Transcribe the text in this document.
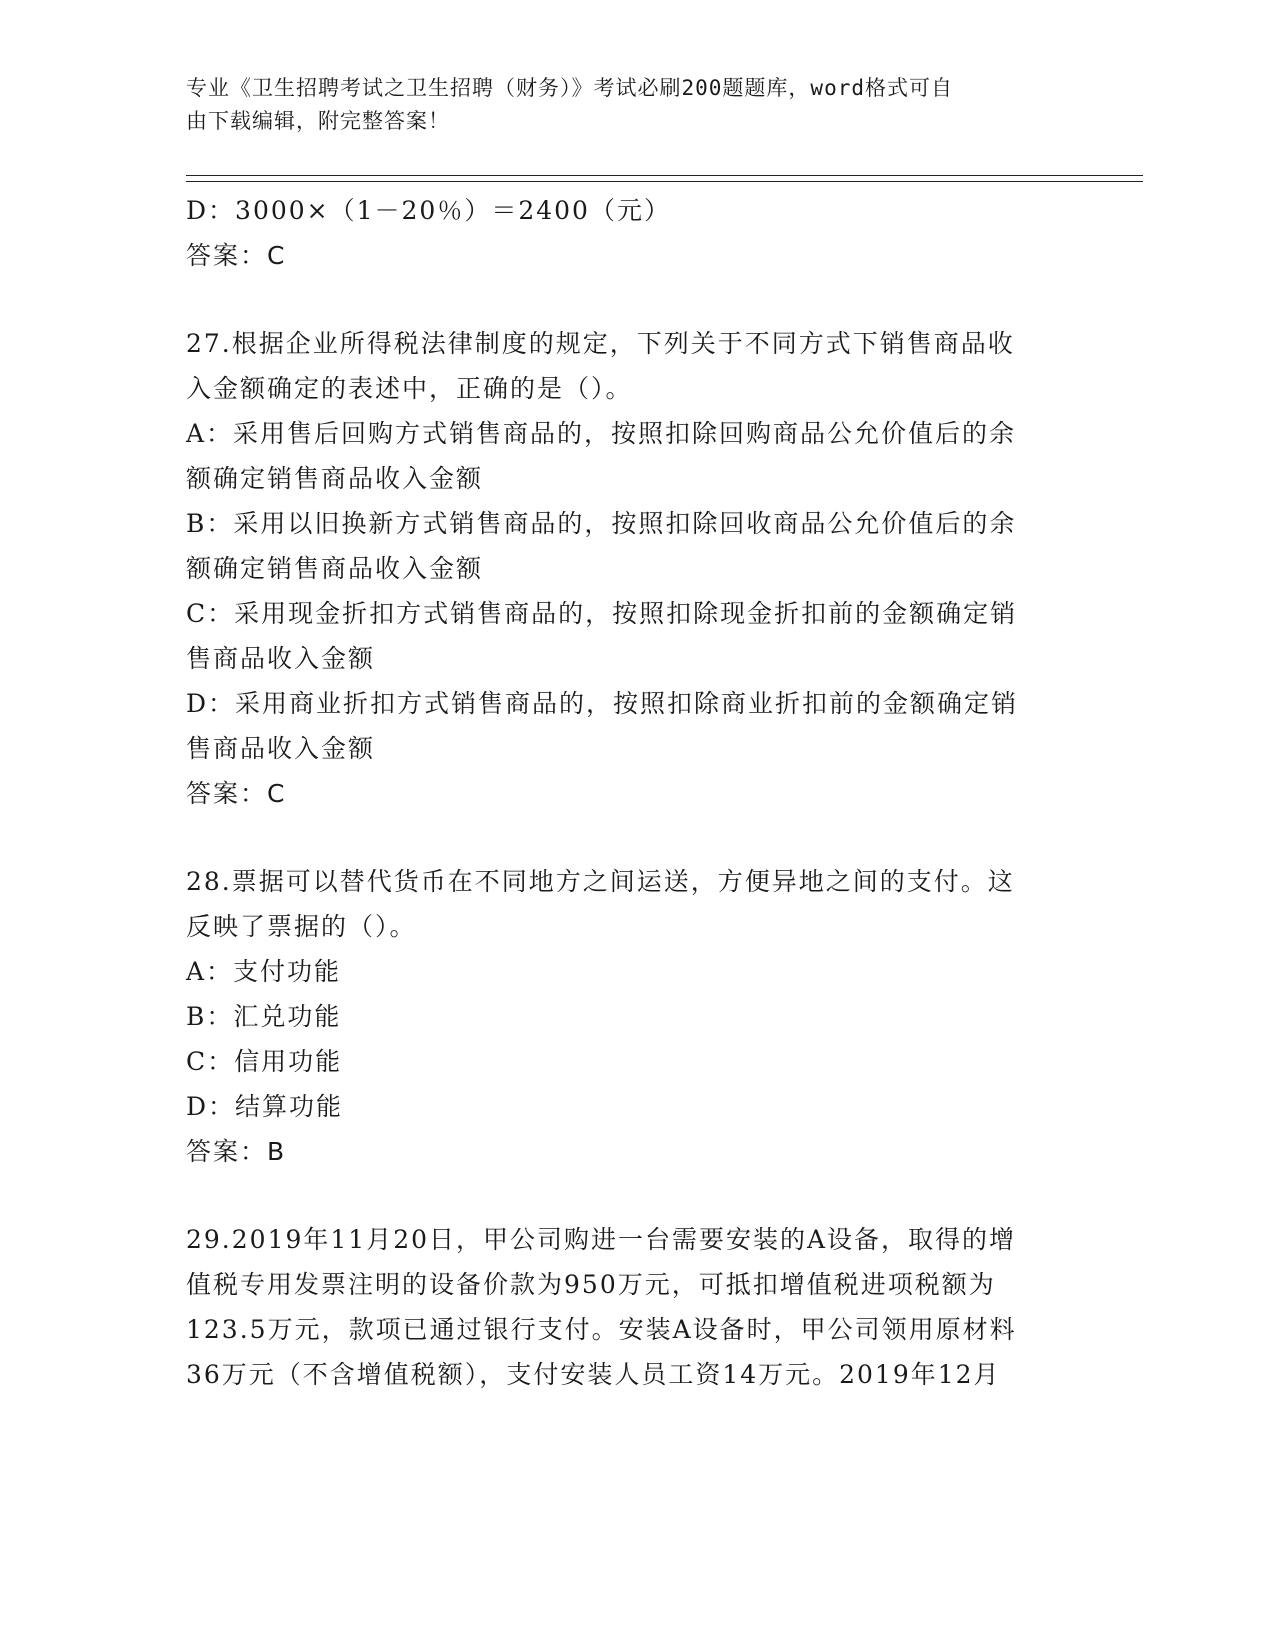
专业《卫生招聘考试之卫生招聘（财务）》考试必刷200题题库，word格式可自
由下载编辑，附完整答案！
D：3000×（1－20％）＝2400（元）
答案：C
27.根据企业所得税法律制度的规定，下列关于不同方式下销售商品收
入金额确定的表述中，正确的是（）。
A：采用售后回购方式销售商品的，按照扣除回购商品公允价值后的余
额确定销售商品收入金额
B：采用以旧换新方式销售商品的，按照扣除回收商品公允价值后的余
额确定销售商品收入金额
C：采用现金折扣方式销售商品的，按照扣除现金折扣前的金额确定销
售商品收入金额
D：采用商业折扣方式销售商品的，按照扣除商业折扣前的金额确定销
售商品收入金额
答案：C
28.票据可以替代货币在不同地方之间运送，方便异地之间的支付。这
反映了票据的（）。
A：支付功能
B：汇兑功能
C：信用功能
D：结算功能
答案：B
29.2019年11月20日，甲公司购进一台需要安装的A设备，取得的增
值税专用发票注明的设备价款为950万元，可抵扣增值税进项税额为
123.5万元，款项已通过银行支付。安装A设备时，甲公司领用原材料
36万元（不含增值税额），支付安装人员工资14万元。2019年12月
